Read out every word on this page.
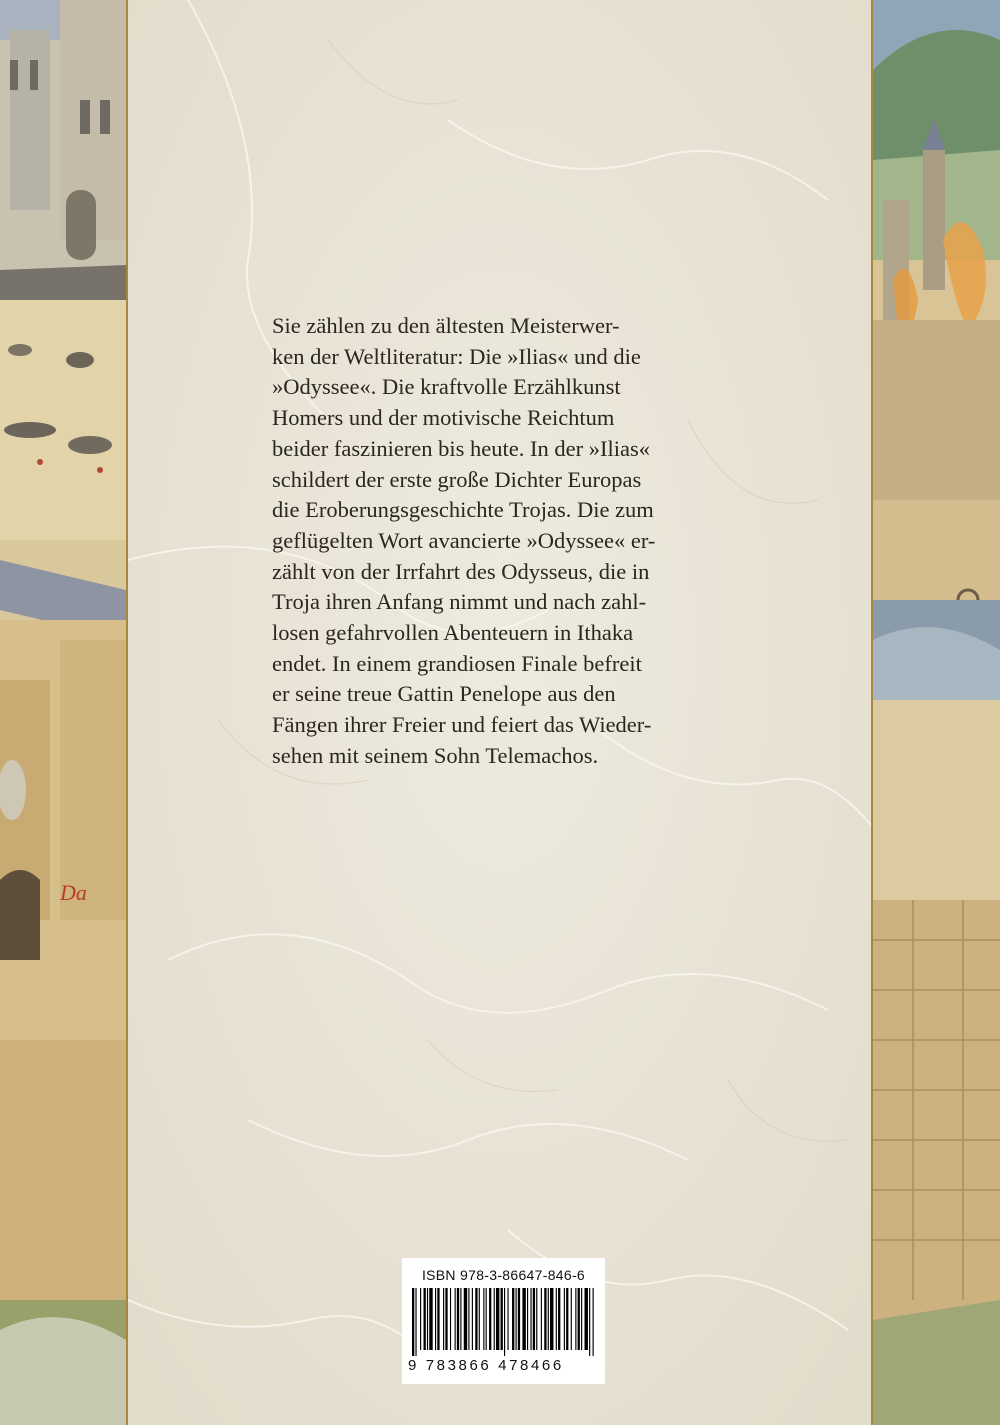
Da

Sie zählen zu den ältesten Meisterwer-
ken der Weltliteratur: Die »Ilias« und die
»Odyssee«. Die kraftvolle Erzählkunst
Homers und der motivische Reichtum
beider faszinieren bis heute. In der »Ilias«
schildert der erste große Dichter Europas
die Eroberungsgeschichte Trojas. Die zum
geflügelten Wort avancierte »Odyssee« er-
zählt von der Irrfahrt des Odysseus, die in
Troja ihren Anfang nimmt und nach zahl-
losen gefahrvollen Abenteuern in Ithaka
endet. In einem grandiosen Finale befreit
er seine treue Gattin Penelope aus den
Fängen ihrer Freier und feiert das Wieder-
sehen mit seinem Sohn Telemachos.

ISBN 978-3-86647-846-6
9 783866 478466
